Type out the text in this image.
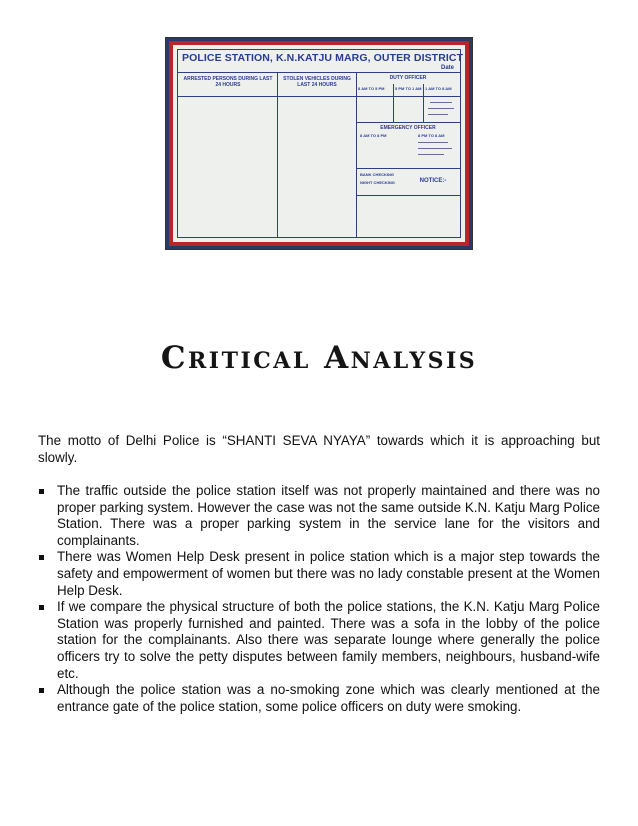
POLICE STATION, K.N.KATJU MARG, OUTER DISTRICT
Date
ARRESTED PERSONS DURING LAST 24 HOURS
STOLEN VEHICLES DURING LAST 24 HOURS
DUTY OFFICER
8 AM TO 5 PM	5 PM TO 1 AM 1 AM TO 8 AM
EMERGENCY OFFICER
8 AM TO 8 PM	8 PM TO 8 AM
BANK CHECKING
NIGHT CHECKING	NOTICE:-
Critical Analysis

The motto of Delhi Police is “SHANTI SEVA NYAYA” towards which it is approaching but slowly.

The traffic outside the police station itself was not properly maintained and there was no proper parking system. However the case was not the same outside K.N. Katju Marg Police Station. There was a proper parking system in the service lane for the visitors and complainants.
There was Women Help Desk present in police station which is a major step towards the safety and empowerment of women but there was no lady constable present at the Women Help Desk.
If we compare the physical structure of both the police stations, the K.N. Katju Marg Police Station was properly furnished and painted. There was a sofa in the lobby of the police station for the complainants. Also there was separate lounge where generally the police officers try to solve the petty disputes between family members, neighbours, husband-wife etc.
Although the police station was a no-smoking zone which was clearly mentioned at the entrance gate of the police station, some police officers on duty were smoking.
